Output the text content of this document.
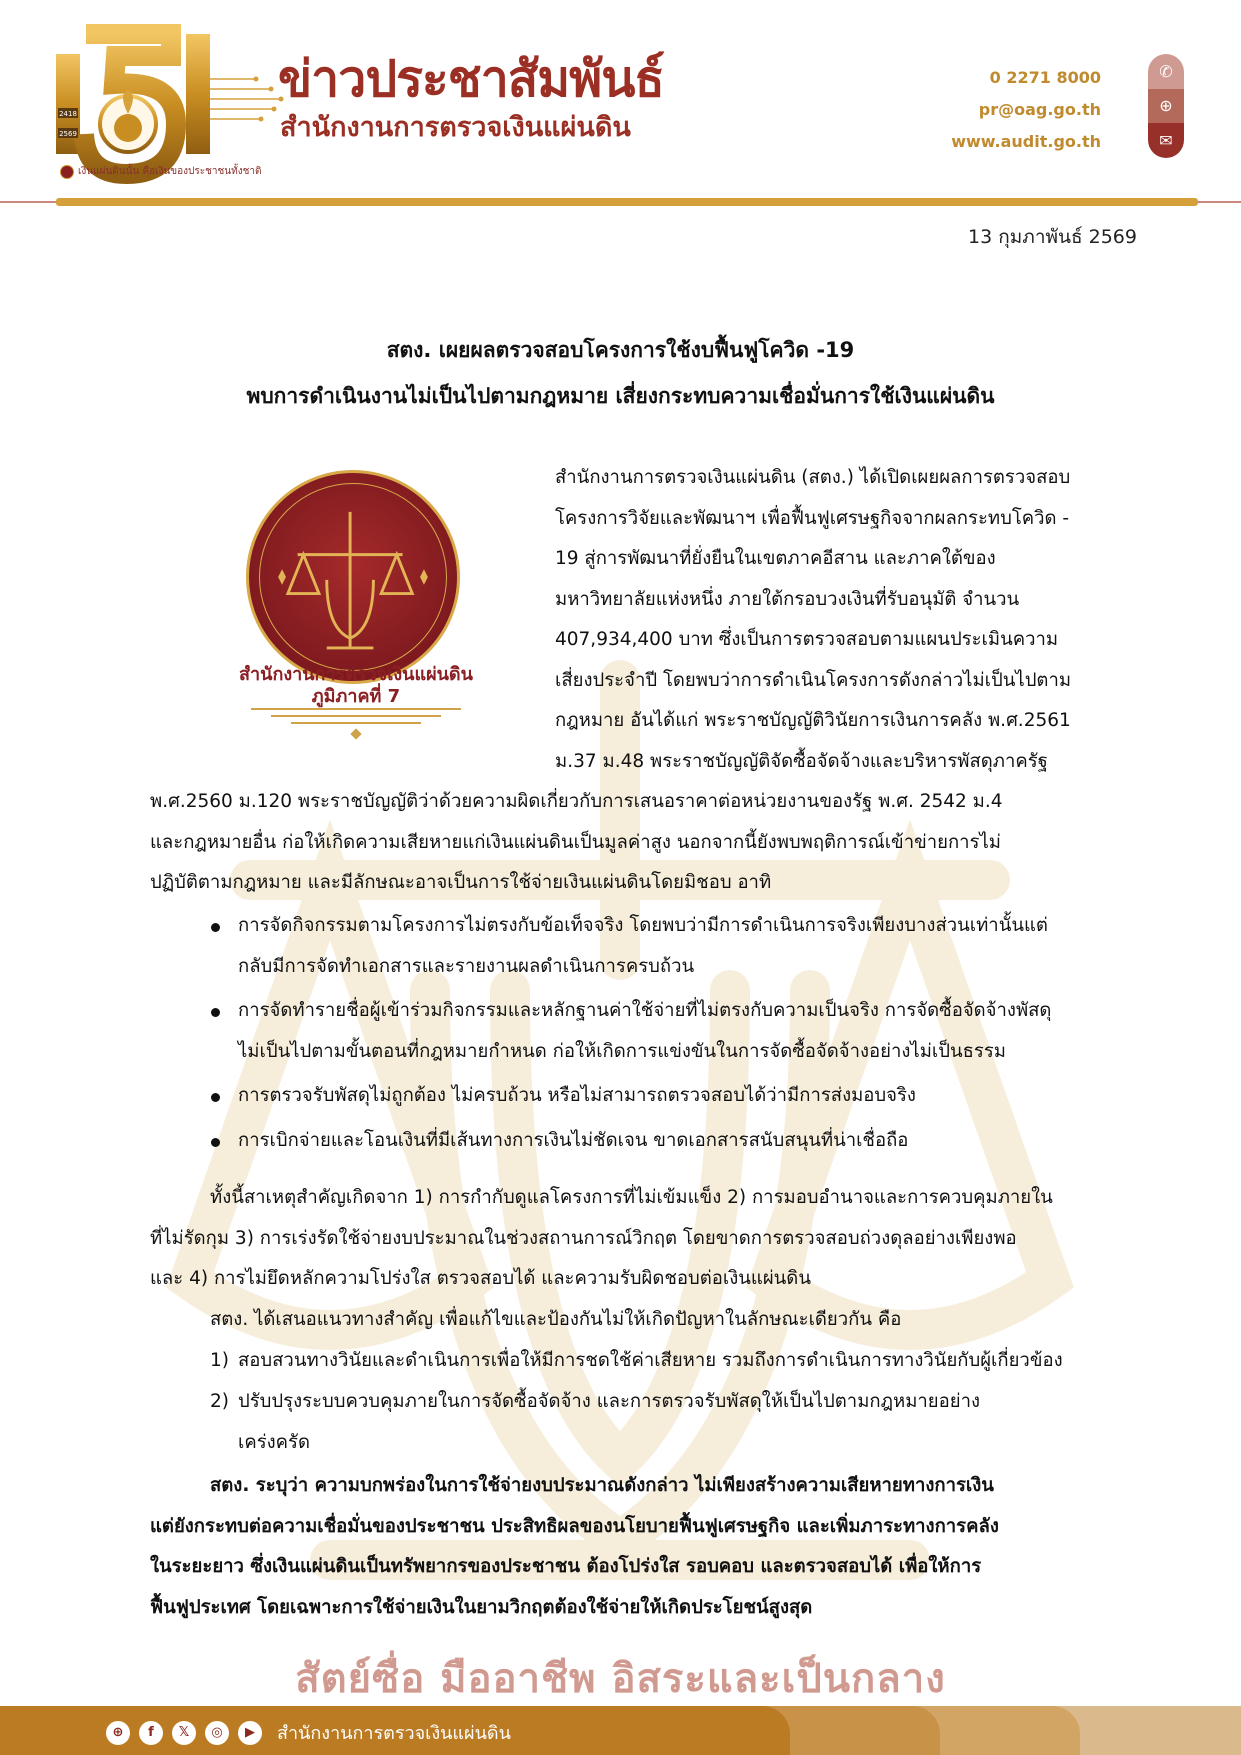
2418
2569
ข่าวประชาสัมพันธ์
สำนักงานการตรวจเงินแผ่นดิน
เงินแผ่นดินนั้น คือเงินของประชาชนทั้งชาติ
0 2271 8000
pr@oag.go.th
www.audit.go.th
✆
⊕
✉
13 กุมภาพันธ์ 2569
สตง. เผยผลตรวจสอบโครงการใช้งบฟื้นฟูโควิด -19
พบการดำเนินงานไม่เป็นไปตามกฎหมาย เสี่ยงกระทบความเชื่อมั่นการใช้เงินแผ่นดิน
สำนักงานการตรวจเงินแผ่นดิน
ภูมิภาคที่ 7
สำนักงานการตรวจเงินแผ่นดิน (สตง.) ได้เปิดเผยผลการตรวจสอบ
โครงการวิจัยและพัฒนาฯ เพื่อฟื้นฟูเศรษฐกิจจากผลกระทบโควิด -
19 สู่การพัฒนาที่ยั่งยืนในเขตภาคอีสาน และภาคใต้ของ
มหาวิทยาลัยแห่งหนึ่ง ภายใต้กรอบวงเงินที่รับอนุมัติ จำนวน
407,934,400 บาท ซึ่งเป็นการตรวจสอบตามแผนประเมินความ
เสี่ยงประจำปี โดยพบว่าการดำเนินโครงการดังกล่าวไม่เป็นไปตาม
กฎหมาย อันได้แก่ พระราชบัญญัติวินัยการเงินการคลัง พ.ศ.2561
ม.37 ม.48 พระราชบัญญัติจัดซื้อจัดจ้างและบริหารพัสดุภาครัฐ
พ.ศ.2560 ม.120 พระราชบัญญัติว่าด้วยความผิดเกี่ยวกับการเสนอราคาต่อหน่วยงานของรัฐ พ.ศ. 2542 ม.4
และกฎหมายอื่น ก่อให้เกิดความเสียหายแก่เงินแผ่นดินเป็นมูลค่าสูง นอกจากนี้ยังพบพฤติการณ์เข้าข่ายการไม่
ปฏิบัติตามกฎหมาย และมีลักษณะอาจเป็นการใช้จ่ายเงินแผ่นดินโดยมิชอบ อาทิ
การจัดกิจกรรมตามโครงการไม่ตรงกับข้อเท็จจริง โดยพบว่ามีการดำเนินการจริงเพียงบางส่วนเท่านั้นแต่
กลับมีการจัดทำเอกสารและรายงานผลดำเนินการครบถ้วน
การจัดทำรายชื่อผู้เข้าร่วมกิจกรรมและหลักฐานค่าใช้จ่ายที่ไม่ตรงกับความเป็นจริง การจัดซื้อจัดจ้างพัสดุ
ไม่เป็นไปตามขั้นตอนที่กฎหมายกำหนด ก่อให้เกิดการแข่งขันในการจัดซื้อจัดจ้างอย่างไม่เป็นธรรม
การตรวจรับพัสดุไม่ถูกต้อง ไม่ครบถ้วน หรือไม่สามารถตรวจสอบได้ว่ามีการส่งมอบจริง
การเบิกจ่ายและโอนเงินที่มีเส้นทางการเงินไม่ชัดเจน ขาดเอกสารสนับสนุนที่น่าเชื่อถือ
ทั้งนี้สาเหตุสำคัญเกิดจาก 1) การกำกับดูแลโครงการที่ไม่เข้มแข็ง 2) การมอบอำนาจและการควบคุมภายใน
ที่ไม่รัดกุม 3) การเร่งรัดใช้จ่ายงบประมาณในช่วงสถานการณ์วิกฤต โดยขาดการตรวจสอบถ่วงดุลอย่างเพียงพอ
และ 4) การไม่ยึดหลักความโปร่งใส ตรวจสอบได้ และความรับผิดชอบต่อเงินแผ่นดิน
สตง. ได้เสนอแนวทางสำคัญ เพื่อแก้ไขและป้องกันไม่ให้เกิดปัญหาในลักษณะเดียวกัน คือ
1) สอบสวนทางวินัยและดำเนินการเพื่อให้มีการชดใช้ค่าเสียหาย รวมถึงการดำเนินการทางวินัยกับผู้เกี่ยวข้อง
2) ปรับปรุงระบบควบคุมภายในการจัดซื้อจัดจ้าง และการตรวจรับพัสดุให้เป็นไปตามกฎหมายอย่าง
เคร่งครัด
สตง. ระบุว่า ความบกพร่องในการใช้จ่ายงบประมาณดังกล่าว ไม่เพียงสร้างความเสียหายทางการเงิน
แต่ยังกระทบต่อความเชื่อมั่นของประชาชน ประสิทธิผลของนโยบายฟื้นฟูเศรษฐกิจ และเพิ่มภาระทางการคลัง
ในระยะยาว ซึ่งเงินแผ่นดินเป็นทรัพยากรของประชาชน ต้องโปร่งใส รอบคอบ และตรวจสอบได้ เพื่อให้การ
ฟื้นฟูประเทศ โดยเฉพาะการใช้จ่ายเงินในยามวิกฤตต้องใช้จ่ายให้เกิดประโยชน์สูงสุด
สัตย์ซื่อ มืออาชีพ อิสระและเป็นกลาง
⊕	f	𝕏	◎	▶	สำนักงานการตรวจเงินแผ่นดิน
